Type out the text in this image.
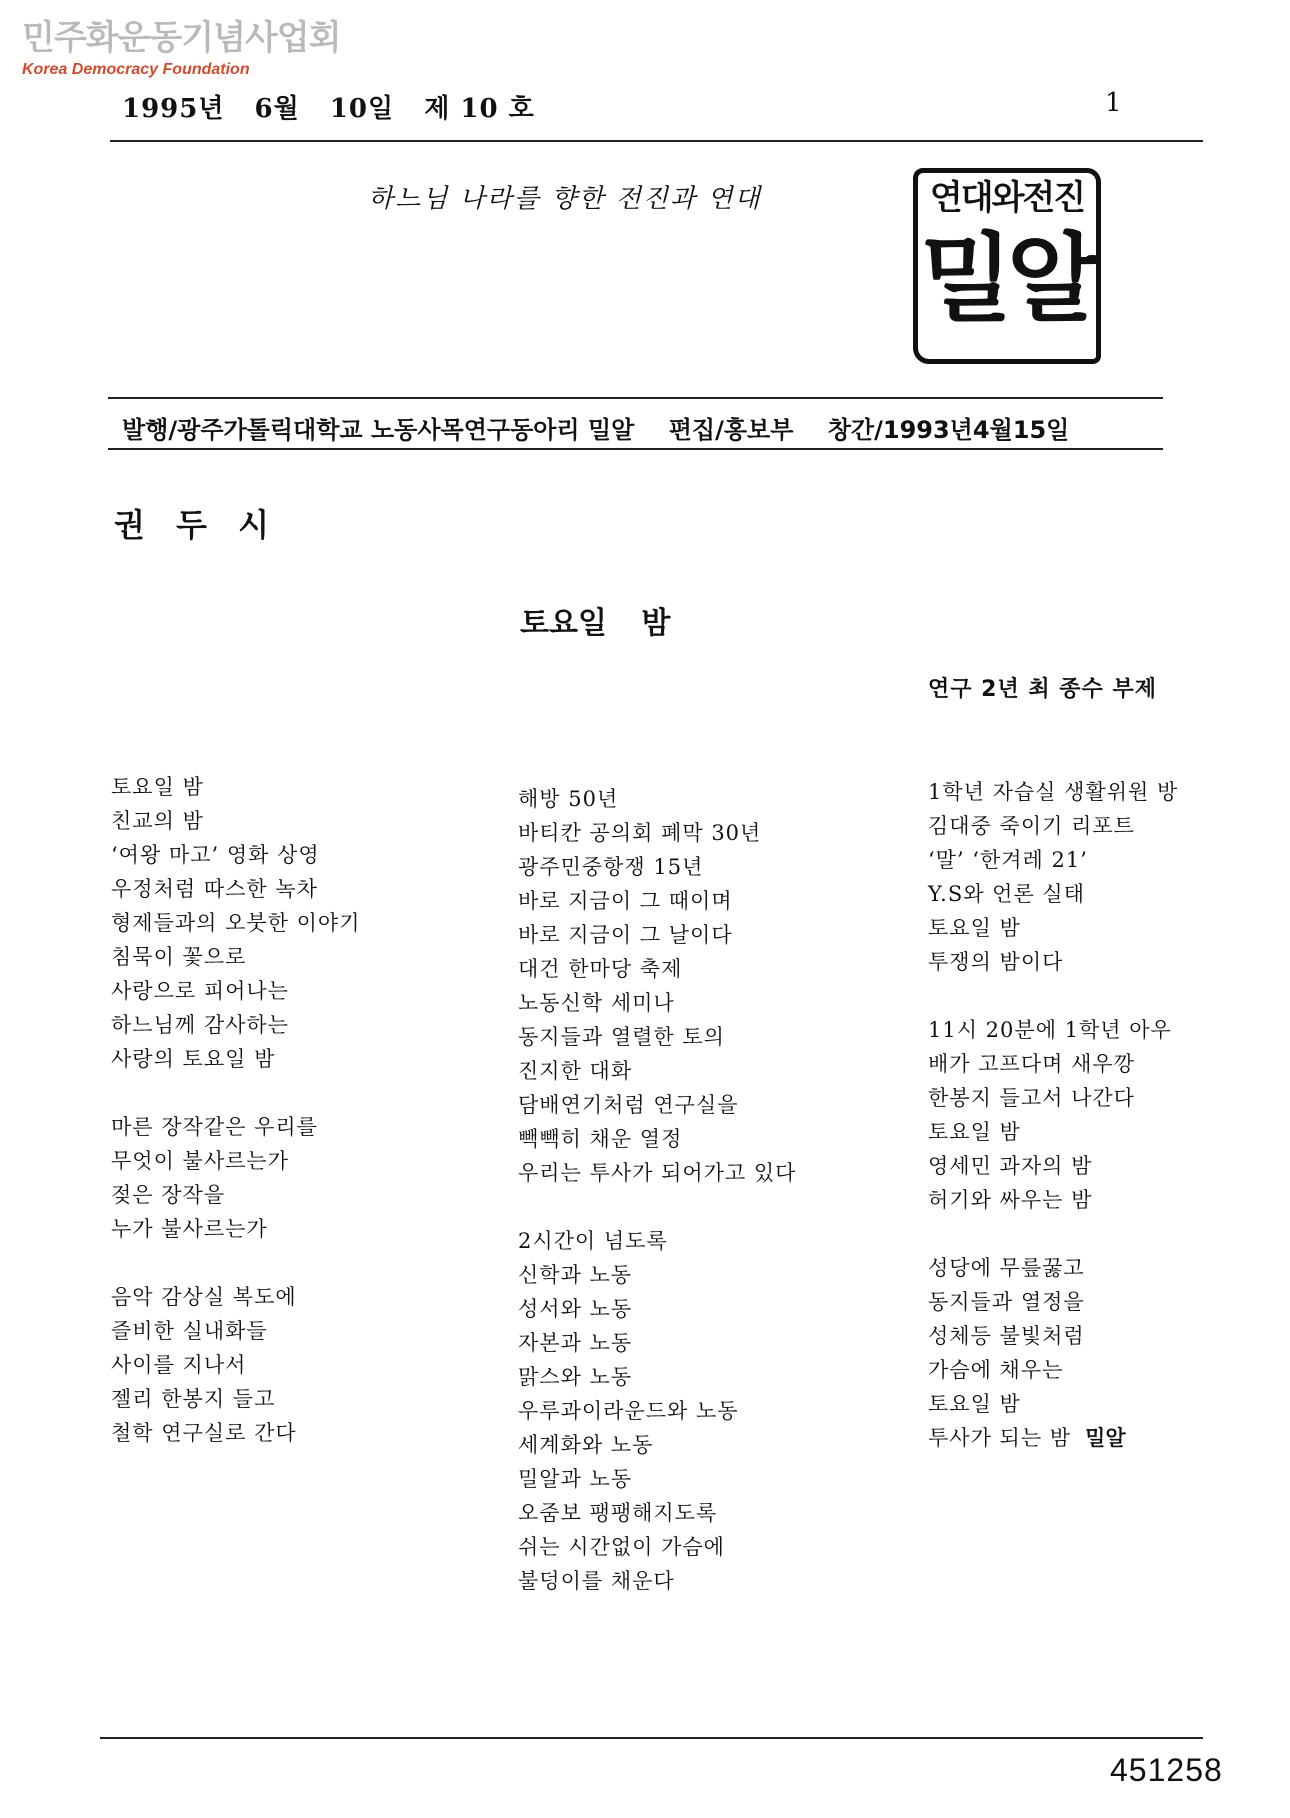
민주화운동기념사업회
Korea Democracy Foundation
1995년 6월 10일 제 10 호	1
하느님 나라를 향한 전진과 연대	연대와전진
밀알
발행/광주가톨릭대학교 노동사목연구동아리 밀알 편집/홍보부 창간/1993년4월15일
권 두 시
토요일 밤
연구 2년 최 종수 부제
토요일 밤
친교의 밤
‘여왕 마고’ 영화 상영
우정처럼 따스한 녹차
형제들과의 오붓한 이야기
침묵이 꽃으로
사랑으로 피어나는
하느님께 감사하는
사랑의 토요일 밤
마른 장작같은 우리를
무엇이 불사르는가
젖은 장작을
누가 불사르는가
음악 감상실 복도에
즐비한 실내화들
사이를 지나서
젤리 한봉지 들고
철학 연구실로 간다
해방 50년
바티칸 공의회 폐막 30년
광주민중항쟁 15년
바로 지금이 그 때이며
바로 지금이 그 날이다
대건 한마당 축제
노동신학 세미나
동지들과 열렬한 토의
진지한 대화
담배연기처럼 연구실을
빽빽히 채운 열정
우리는 투사가 되어가고 있다
2시간이 넘도록
신학과 노동
성서와 노동
자본과 노동
맑스와 노동
우루과이라운드와 노동
세계화와 노동
밀알과 노동
오줌보 팽팽해지도록
쉬는 시간없이 가슴에
불덩이를 채운다
1학년 자습실 생활위원 방
김대중 죽이기 리포트
‘말’ ‘한겨레 21’
Y.S와 언론 실태
토요일 밤
투쟁의 밤이다
11시 20분에 1학년 아우
배가 고프다며 새우깡
한봉지 들고서 나간다
토요일 밤
영세민 과자의 밤
허기와 싸우는 밤
성당에 무릎꿇고
동지들과 열정을
성체등 불빛처럼
가슴에 채우는
토요일 밤
투사가 되는 밤 밀알
451258
